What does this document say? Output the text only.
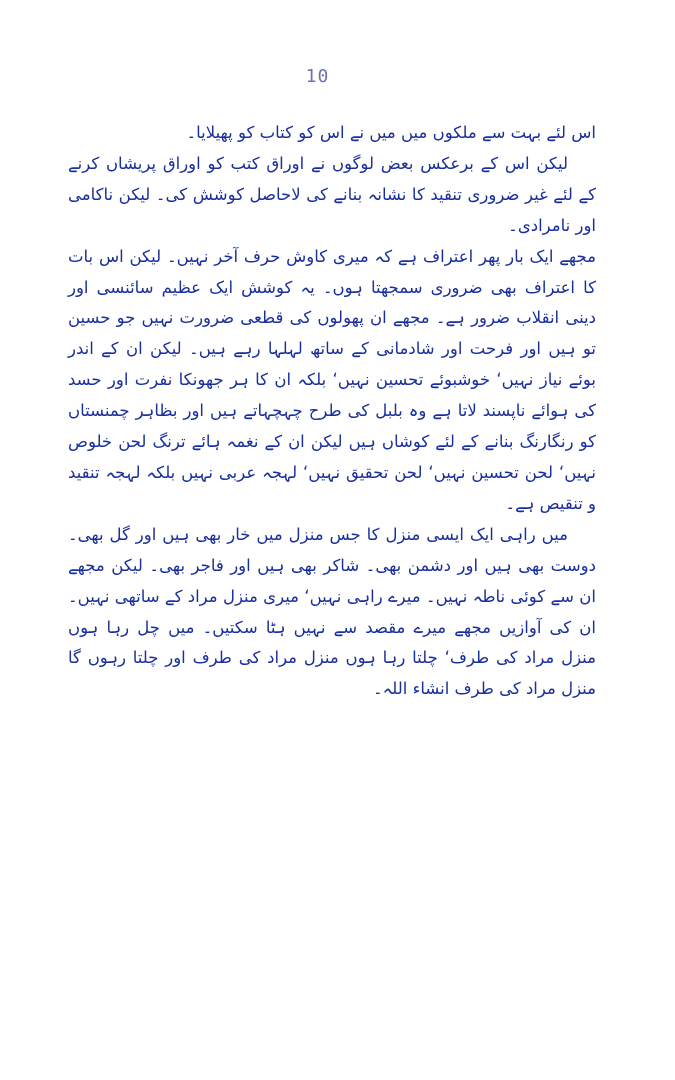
10

اس لئے بہت سے ملکوں میں میں نے اس کو کتاب کو پھیلایا۔

لیکن اس کے برعکس بعض لوگوں نے اوراق کتب کو اوراق پریشاں کرنے کے لئے غیر ضروری تنقید کا نشانہ بنانے کی لاحاصل کوشش کی۔ لیکن ناکامی اور نامرادی۔

مجھے ایک بار پھر اعتراف ہے کہ میری کاوش حرف آخر نہیں۔ لیکن اس بات کا اعتراف بھی ضروری سمجھتا ہوں۔ یہ کوشش ایک عظیم سائنسی اور دینی انقلاب ضرور ہے۔ مجھے ان پھولوں کی قطعی ضرورت نہیں جو حسین تو ہیں اور فرحت اور شادمانی کے ساتھ لہلہا رہے ہیں۔ لیکن ان کے اندر بوئے نیاز نہیں‘ خوشبوئے تحسین نہیں‘ بلکہ ان کا ہر جھونکا نفرت اور حسد کی ہوائے ناپسند لاتا ہے وہ بلبل کی طرح چہچہاتے ہیں اور بظاہر چمنستاں کو رنگارنگ بنانے کے لئے کوشاں ہیں لیکن ان کے نغمہ ہائے ترنگ لحن خلوص نہیں‘ لحن تحسین نہیں‘ لحن تحقیق نہیں‘ لہجہ عربی نہیں بلکہ لہجہ تنقید و تنقیص ہے۔

میں راہی ایک ایسی منزل کا جس منزل میں خار بھی ہیں اور گل بھی۔ دوست بھی ہیں اور دشمن بھی۔ شاکر بھی ہیں اور فاجر بھی۔ لیکن مجھے ان سے کوئی ناطہ نہیں۔ میرے راہی نہیں‘ میری منزل مراد کے ساتھی نہیں۔ ان کی آوازیں مجھے میرے مقصد سے نہیں ہٹا سکتیں۔ میں چل رہا ہوں منزل مراد کی طرف‘ چلتا رہا ہوں منزل مراد کی طرف اور چلتا رہوں گا منزل مراد کی طرف انشاء اللہ۔
